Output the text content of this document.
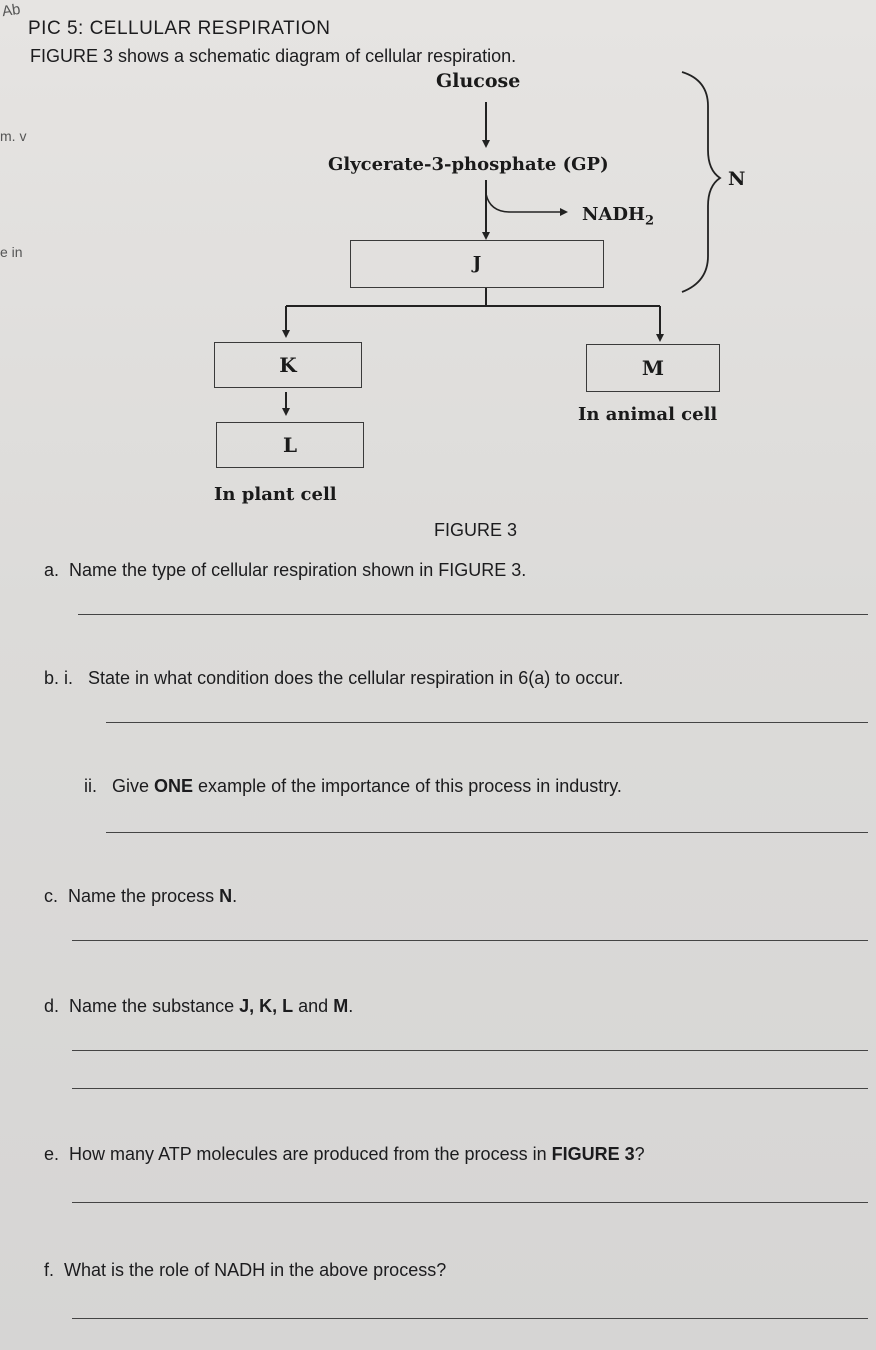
Ab
PIC 5: CELLULAR RESPIRATION
FIGURE 3 shows a schematic diagram of cellular respiration.
m. v
e in
Glucose
Glycerate-3-phosphate (GP)
$NADH_2$
N
J
K	M
L
In animal cell
In plant cell
FIGURE 3
a. Name the type of cellular respiration shown in FIGURE 3.
b. i. State in what condition does the cellular respiration in 6(a) to occur.
ii. Give ONE example of the importance of this process in industry.
c. Name the process N.
d. Name the substance J, K, L and M.
e. How many ATP molecules are produced from the process in FIGURE 3?
f. What is the role of NADH in the above process?
